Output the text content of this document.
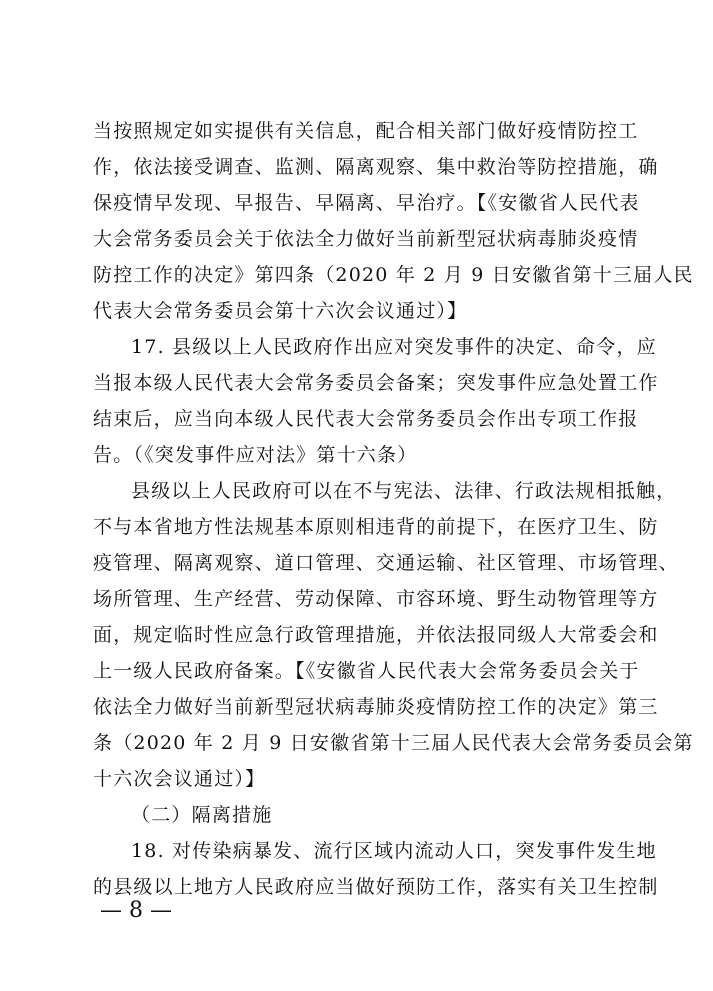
当按照规定如实提供有关信息，配合相关部门做好疫情防控工
作，依法接受调查、监测、隔离观察、集中救治等防控措施，确
保疫情早发现、早报告、早隔离、早治疗。【《安徽省人民代表
大会常务委员会关于依法全力做好当前新型冠状病毒肺炎疫情
防控工作的决定》第四条（2020 年 2 月 9 日安徽省第十三届人民
代表大会常务委员会第十六次会议通过）】
17. 县级以上人民政府作出应对突发事件的决定、命令，应
当报本级人民代表大会常务委员会备案；突发事件应急处置工作
结束后，应当向本级人民代表大会常务委员会作出专项工作报
告。（《突发事件应对法》第十六条）
县级以上人民政府可以在不与宪法、法律、行政法规相抵触，
不与本省地方性法规基本原则相违背的前提下，在医疗卫生、防
疫管理、隔离观察、道口管理、交通运输、社区管理、市场管理、
场所管理、生产经营、劳动保障、市容环境、野生动物管理等方
面，规定临时性应急行政管理措施，并依法报同级人大常委会和
上一级人民政府备案。【《安徽省人民代表大会常务委员会关于
依法全力做好当前新型冠状病毒肺炎疫情防控工作的决定》第三
条（2020 年 2 月 9 日安徽省第十三届人民代表大会常务委员会第
十六次会议通过）】
（二）隔离措施
18. 对传染病暴发、流行区域内流动人口，突发事件发生地
的县级以上地方人民政府应当做好预防工作，落实有关卫生控制
— 8 —
